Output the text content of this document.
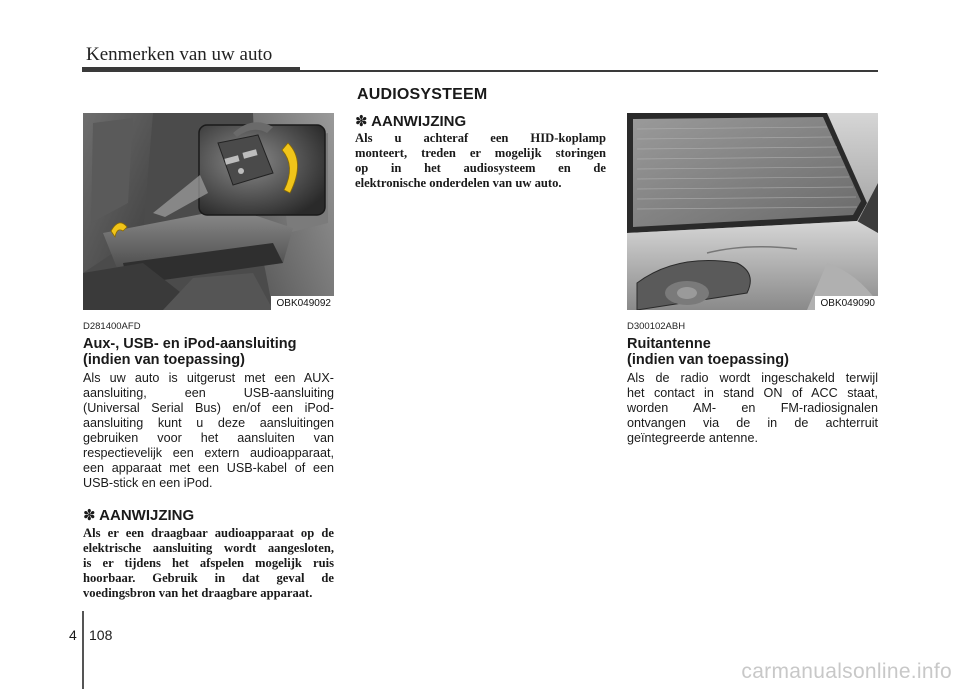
Kenmerken van uw auto
AUDIOSYSTEEM
OBK049092
D281400AFD
Aux-, USB- en iPod-aansluiting
(indien van toepassing)
Als uw auto is uitgerust met een AUX-
aansluiting, een USB-aansluiting
(Universal Serial Bus) en/of een iPod-
aansluiting kunt u deze aansluitingen
gebruiken voor het aansluiten van
respectievelijk een extern audioapparaat,
een apparaat met een USB-kabel of een
USB-stick en een iPod.
✽ AANWIJZING
Als er een draagbaar audioapparaat op de
elektrische aansluiting wordt aangesloten,
is er tijdens het afspelen mogelijk ruis
hoorbaar. Gebruik in dat geval de
voedingsbron van het draagbare apparaat.
✽ AANWIJZING
Als u achteraf een HID-koplamp
monteert, treden er mogelijk storingen
op in het audiosysteem en de
elektronische onderdelen van uw auto.
OBK049090
D300102ABH
Ruitantenne
(indien van toepassing)
Als de radio wordt ingeschakeld terwijl
het contact in stand ON of ACC staat,
worden AM- en FM-radiosignalen
ontvangen via de in de achterruit
geïntegreerde antenne.
4 108
carmanualsonline.info
